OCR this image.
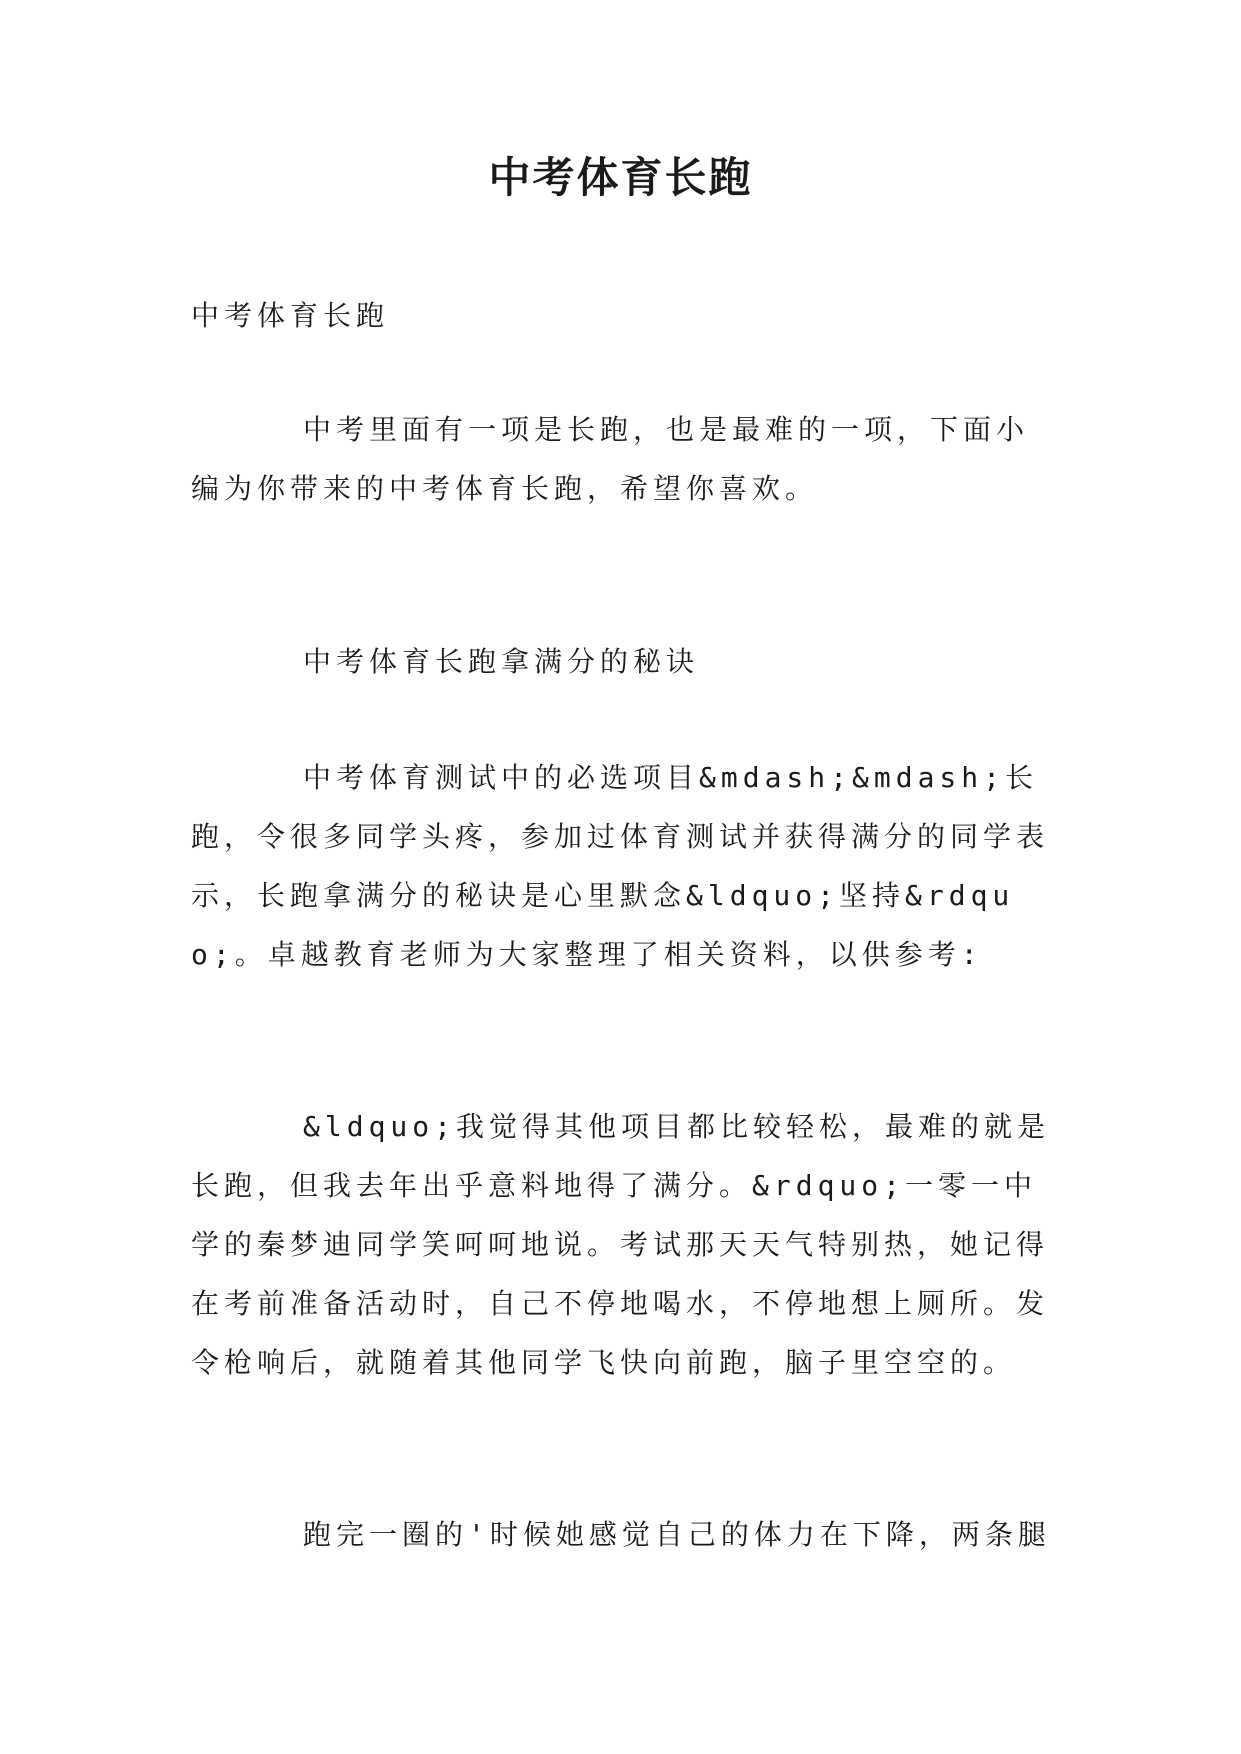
中考体育长跑

中考体育长跑

中考里面有一项是长跑，也是最难的一项，下面小编为你带来的中考体育长跑，希望你喜欢。

中考体育长跑拿满分的秘诀

中考体育测试中的必选项目&mdash;&mdash;长跑，令很多同学头疼，参加过体育测试并获得满分的同学表示，长跑拿满分的秘诀是心里默念&ldquo;坚持&rdquo;。卓越教育老师为大家整理了相关资料，以供参考:

&ldquo;我觉得其他项目都比较轻松，最难的就是长跑，但我去年出乎意料地得了满分。&rdquo;一零一中学的秦梦迪同学笑呵呵地说。考试那天天气特别热，她记得在考前准备活动时，自己不停地喝水，不停地想上厕所。发令枪响后，就随着其他同学飞快向前跑，脑子里空空的。

跑完一圈的'时候她感觉自己的体力在下降，两条腿
